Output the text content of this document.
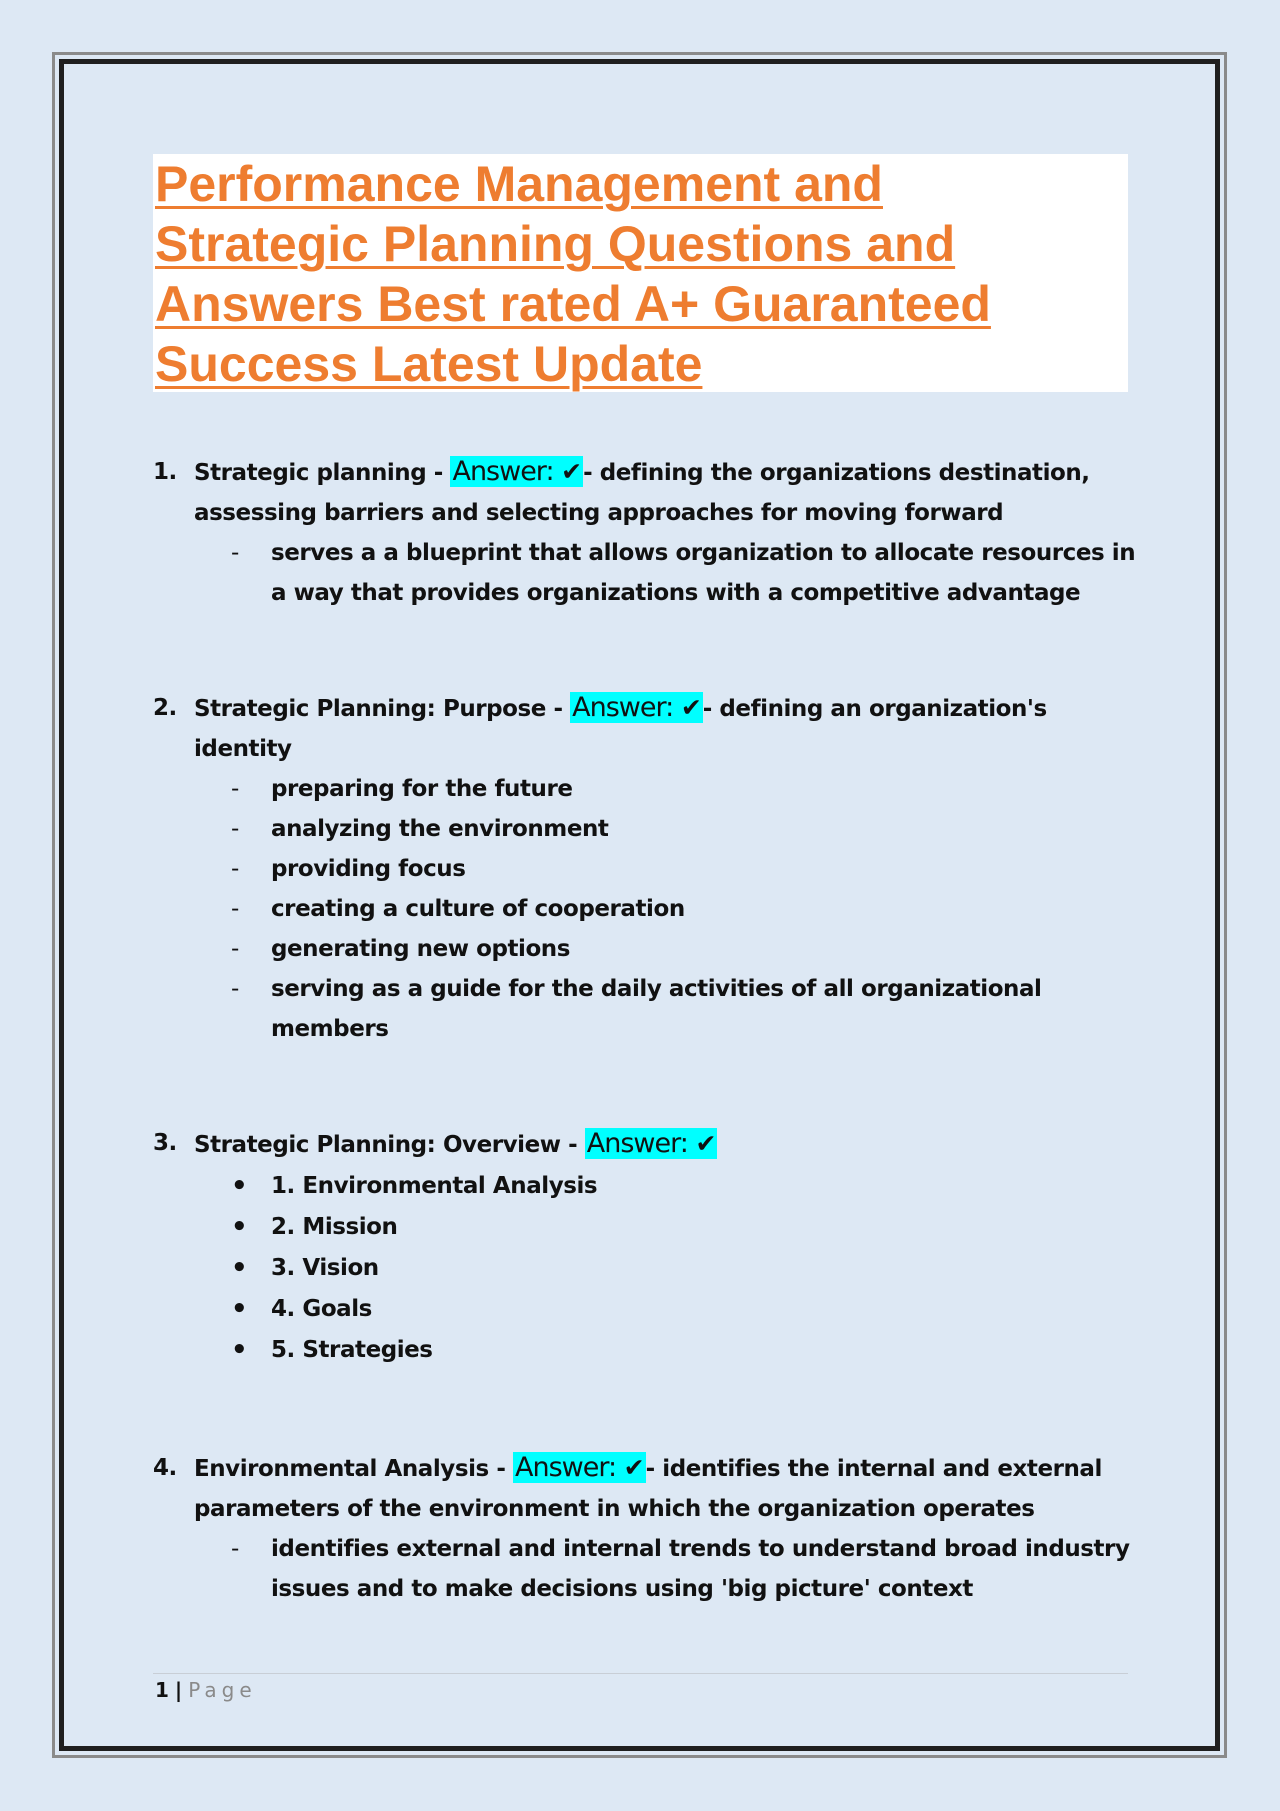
Performance Management and Strategic Planning Questions and Answers Best rated A+ Guaranteed Success Latest Update
1. Strategic planning - Answer: ✔︎- defining the organizations destination,
assessing barriers and selecting approaches for moving forward
- serves a a blueprint that allows organization to allocate resources in
a way that provides organizations with a competitive advantage
2. Strategic Planning: Purpose - Answer: ✔︎- defining an organization's
identity
- preparing for the future
- analyzing the environment
- providing focus
- creating a culture of cooperation
- generating new options
- serving as a guide for the daily activities of all organizational
members
3. Strategic Planning: Overview - Answer: ✔︎
• 1. Environmental Analysis
• 2. Mission
• 3. Vision
• 4. Goals
• 5. Strategies
4. Environmental Analysis - Answer: ✔︎- identifies the internal and external
parameters of the environment in which the organization operates
- identifies external and internal trends to understand broad industry
issues and to make decisions using 'big picture' context
1 | Page
